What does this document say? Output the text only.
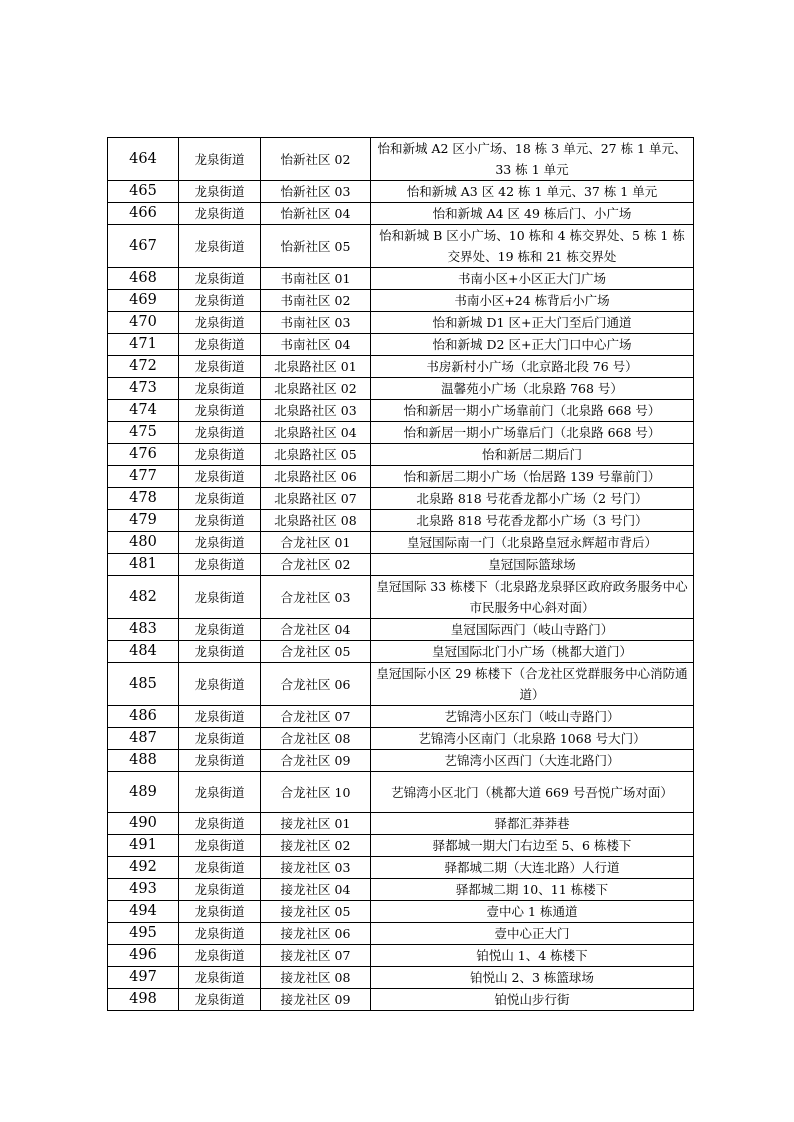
464	龙泉街道	怡新社区 02	怡和新城 A2 区小广场、18 栋 3 单元、27 栋 1 单元、33 栋 1 单元
465	龙泉街道	怡新社区 03	怡和新城 A3 区 42 栋 1 单元、37 栋 1 单元
466	龙泉街道	怡新社区 04	怡和新城 A4 区 49 栋后门、小广场
467	龙泉街道	怡新社区 05	怡和新城 B 区小广场、10 栋和 4 栋交界处、5 栋 1 栋交界处、19 栋和 21 栋交界处
468	龙泉街道	书南社区 01	书南小区+小区正大门广场
469	龙泉街道	书南社区 02	书南小区+24 栋背后小广场
470	龙泉街道	书南社区 03	怡和新城 D1 区+正大门至后门通道
471	龙泉街道	书南社区 04	怡和新城 D2 区+正大门口中心广场
472	龙泉街道	北泉路社区 01	书房新村小广场（北京路北段 76 号）
473	龙泉街道	北泉路社区 02	温馨苑小广场（北泉路 768 号）
474	龙泉街道	北泉路社区 03	怡和新居一期小广场靠前门（北泉路 668 号）
475	龙泉街道	北泉路社区 04	怡和新居一期小广场靠后门（北泉路 668 号）
476	龙泉街道	北泉路社区 05	怡和新居二期后门
477	龙泉街道	北泉路社区 06	怡和新居二期小广场（怡居路 139 号靠前门）
478	龙泉街道	北泉路社区 07	北泉路 818 号花香龙都小广场（2 号门）
479	龙泉街道	北泉路社区 08	北泉路 818 号花香龙都小广场（3 号门）
480	龙泉街道	合龙社区 01	皇冠国际南一门（北泉路皇冠永辉超市背后）
481	龙泉街道	合龙社区 02	皇冠国际篮球场
482	龙泉街道	合龙社区 03	皇冠国际 33 栋楼下（北泉路龙泉驿区政府政务服务中心市民服务中心斜对面）
483	龙泉街道	合龙社区 04	皇冠国际西门（岐山寺路门）
484	龙泉街道	合龙社区 05	皇冠国际北门小广场（桃都大道门）
485	龙泉街道	合龙社区 06	皇冠国际小区 29 栋楼下（合龙社区党群服务中心消防通道）
486	龙泉街道	合龙社区 07	艺锦湾小区东门（岐山寺路门）
487	龙泉街道	合龙社区 08	艺锦湾小区南门（北泉路 1068 号大门）
488	龙泉街道	合龙社区 09	艺锦湾小区西门（大连北路门）
489	龙泉街道	合龙社区 10	艺锦湾小区北门（桃都大道 669 号吾悦广场对面）
490	龙泉街道	接龙社区 01	驿都汇莽莽巷
491	龙泉街道	接龙社区 02	驿都城一期大门右边至 5、6 栋楼下
492	龙泉街道	接龙社区 03	驿都城二期（大连北路）人行道
493	龙泉街道	接龙社区 04	驿都城二期 10、11 栋楼下
494	龙泉街道	接龙社区 05	壹中心 1 栋通道
495	龙泉街道	接龙社区 06	壹中心正大门
496	龙泉街道	接龙社区 07	铂悦山 1、4 栋楼下
497	龙泉街道	接龙社区 08	铂悦山 2、3 栋篮球场
498	龙泉街道	接龙社区 09	铂悦山步行街
